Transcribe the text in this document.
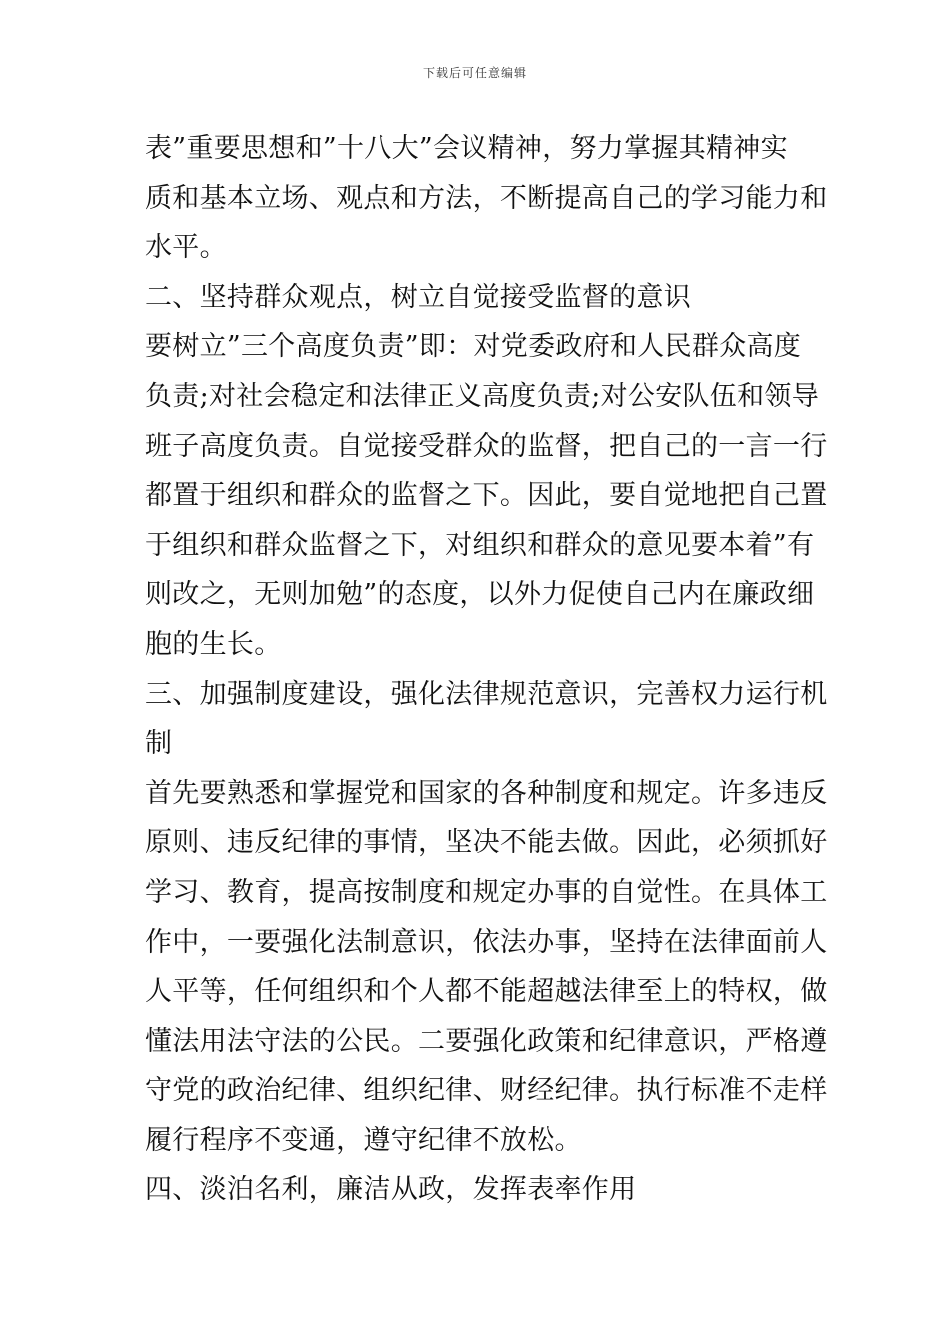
下载后可任意编辑
表”重要思想和”十八大”会议精神，努力掌握其精神实
质和基本立场、观点和方法，不断提高自己的学习能力和
水平。
二、坚持群众观点，树立自觉接受监督的意识
要树立”三个高度负责”即：对党委政府和人民群众高度
负责;对社会稳定和法律正义高度负责;对公安队伍和领导
班子高度负责。自觉接受群众的监督，把自己的一言一行
都置于组织和群众的监督之下。因此，要自觉地把自己置
于组织和群众监督之下，对组织和群众的意见要本着”有
则改之，无则加勉”的态度，以外力促使自己内在廉政细
胞的生长。
三、加强制度建设，强化法律规范意识，完善权力运行机
制
首先要熟悉和掌握党和国家的各种制度和规定。许多违反
原则、违反纪律的事情，坚决不能去做。因此，必须抓好
学习、教育，提高按制度和规定办事的自觉性。在具体工
作中，一要强化法制意识，依法办事，坚持在法律面前人
人平等，任何组织和个人都不能超越法律至上的特权，做
懂法用法守法的公民。二要强化政策和纪律意识，严格遵
守党的政治纪律、组织纪律、财经纪律。执行标准不走样
履行程序不变通，遵守纪律不放松。
四、淡泊名利，廉洁从政，发挥表率作用
